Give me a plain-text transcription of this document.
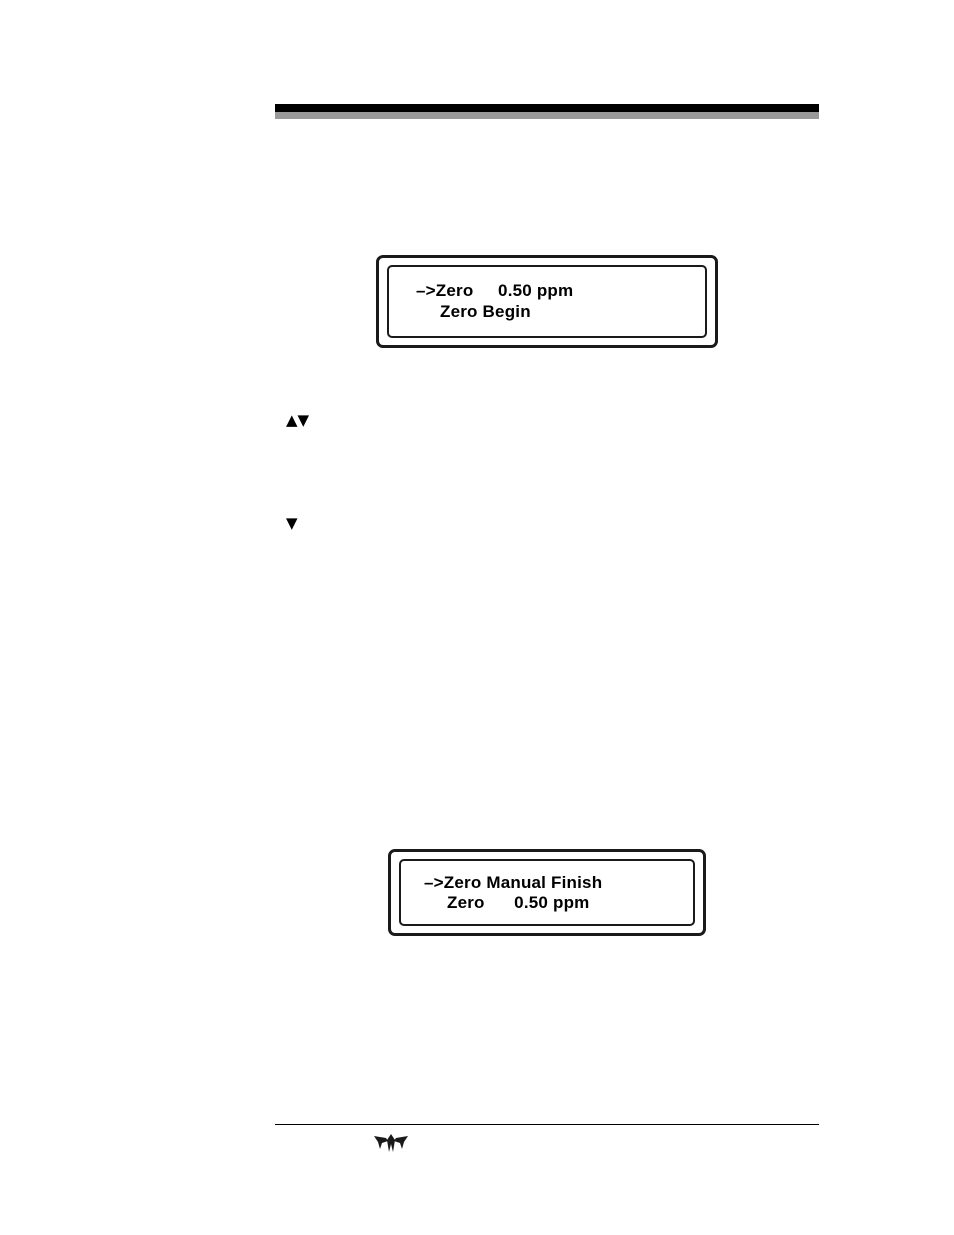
–>Zero     0.50 ppm
Zero Begin
▲▼
▼
–>Zero Manual Finish
Zero      0.50 ppm
